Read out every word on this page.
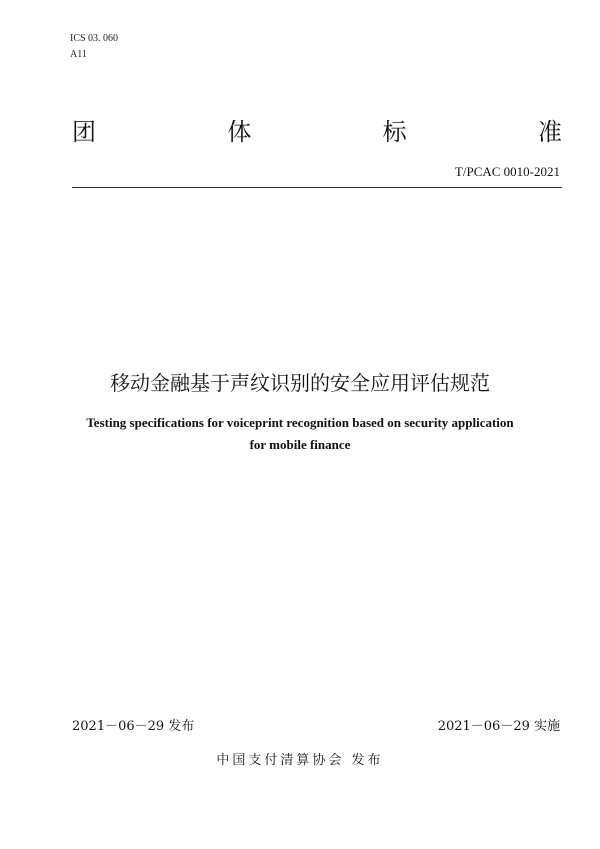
ICS 03. 060
A11
团	体	标	准
T/PCAC 0010-2021
移动金融基于声纹识别的安全应用评估规范
Testing specifications for voiceprint recognition based on security application
for mobile finance
2021－06－29 发布	2021－06－29 实施
中国支付清算协会 发布
